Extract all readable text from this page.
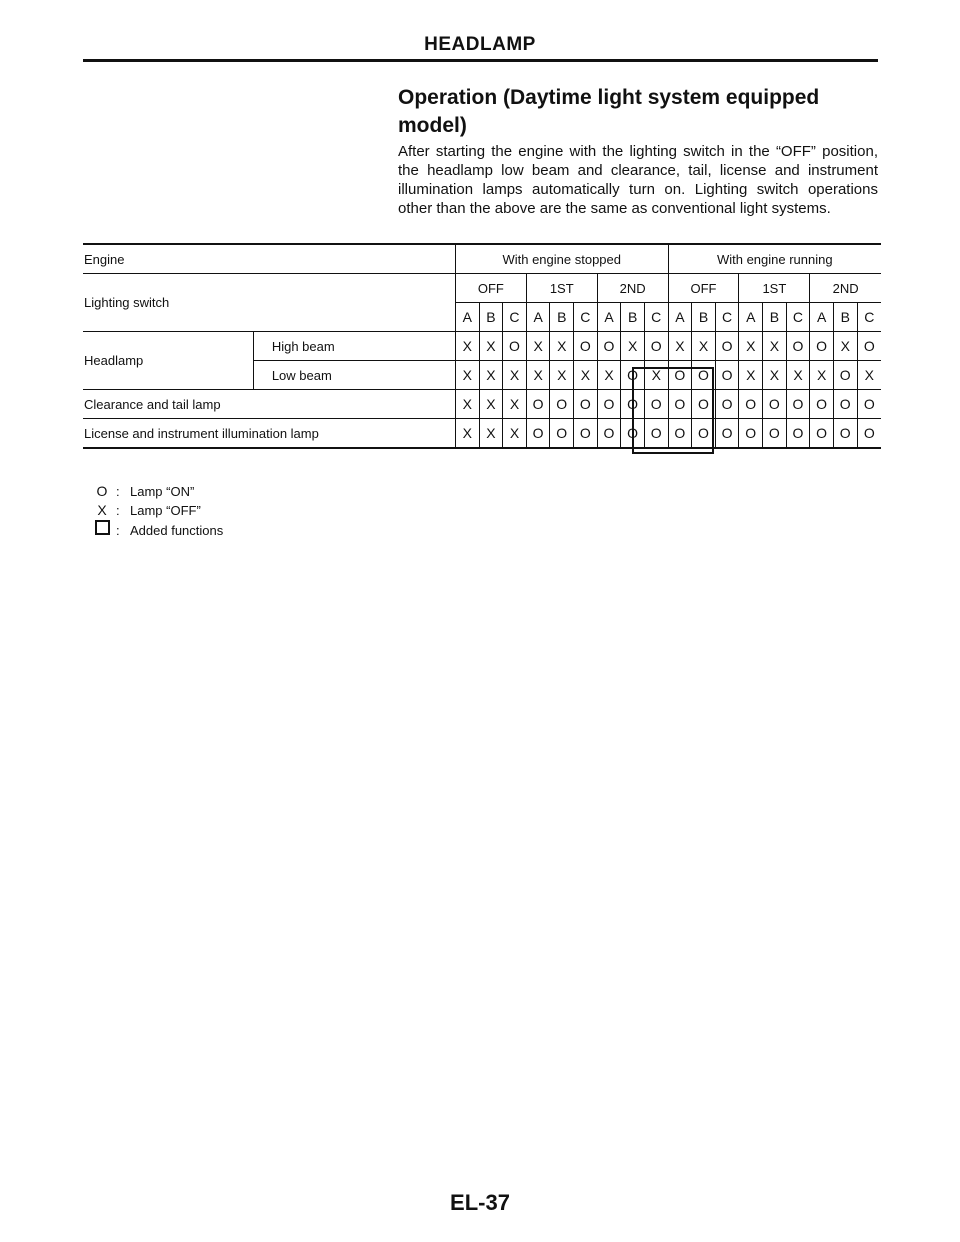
HEADLAMP
Operation (Daytime light system equipped model)
After starting the engine with the lighting switch in the “OFF” position, the headlamp low beam and clearance, tail, license and instrument illumination lamps automatically turn on. Lighting switch operations other than the above are the same as conventional light systems.
Engine		With engine stopped									With engine running								
Lighting switch		OFF			1ST			2ND			OFF			1ST			2ND		
		A	B	C	A	B	C	A	B	C	A	B	C	A	B	C	A	B	C
Headlamp	High beam	X	X	O	X	X	O	O	X	O	X	X	O	X	X	O	O	X	O
	Low beam	X	X	X	X	X	X	X	O	X	O	O	O	X	X	X	X	O	X
Clearance and tail lamp		X	X	X	O	O	O	O	O	O	O	O	O	O	O	O	O	O	O
License and instrument illumination lamp		X	X	X	O	O	O	O	O	O	O	O	O	O	O	O	O	O	O
O : Lamp “ON”
X : Lamp “OFF”
: Added functions
EL-37
